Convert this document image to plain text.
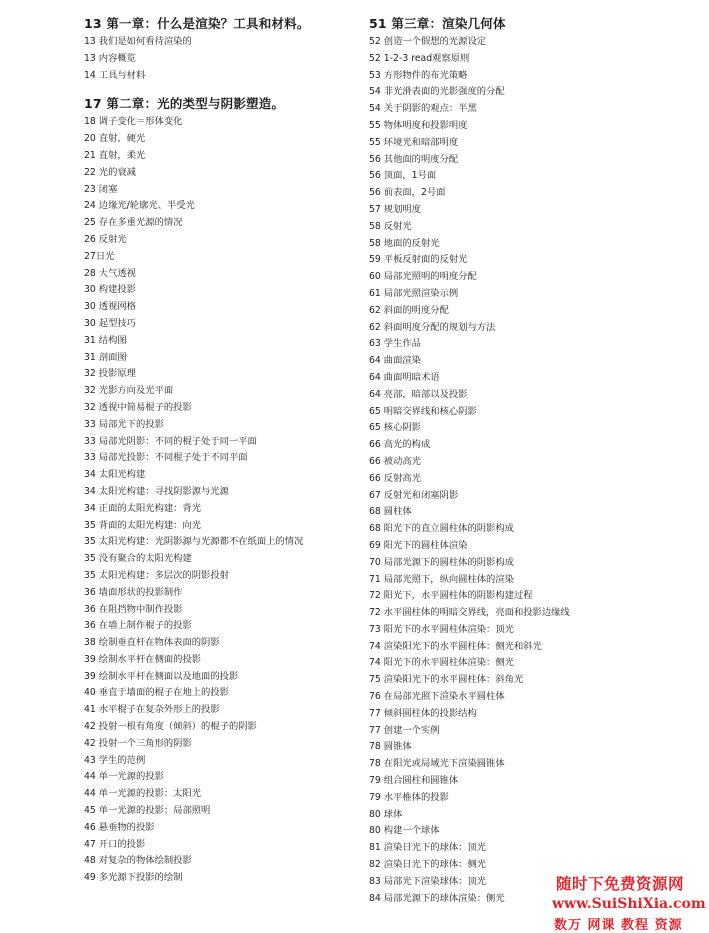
13 第一章：什么是渲染？工具和材料。
13 我们是如何看待渲染的
13 内容概览
14 工具与材料
17 第二章：光的类型与阴影塑造。
18 调子变化＝形体变化
20 直射，硬光
21 直射，柔光
22 光的衰减
23 闭塞
24 边缘光/轮廓光、半受光
25 存在多重光源的情况
26 反射光
27日光
28 大气透视
30 构建投影
30 透视网格
30 起型技巧
31 结构图
31 剖面图
32 投影原理
32 光影方向及光平面
32 透视中简易棍子的投影
33 局部光下的投影
33 局部光阴影：不同的棍子处于同一平面
33 局部光投影：不同棍子处于不同平面
34 太阳光构建
34 太阳光构建：寻找阴影源与光源
34 正面的太阳光构建：背光
35 背面的太阳光构建：向光
35 太阳光构建：光阴影源与光源都不在纸面上的情况
35 没有聚合的太阳光构建
35 太阳光构建：多层次的阴影投射
36 墙面形状的投影制作
36 在阻挡物中制作投影
36 在墙上制作棍子的投影
38 绘制垂直杆在物体表面的阴影
39 绘制水平杆在侧面的投影
39 绘制水平杆在侧面以及地面的投影
40 垂直于墙面的棍子在地上的投影
41 水平棍子在复杂外形上的投影
42 投射一根有角度（倾斜）的棍子的阴影
42 投射一个三角形的阴影
43 学生的范例
44 单一光源的投影
44 单一光源的投影：太阳光
45 单一光源的投影：局部照明
46 悬垂物的投影
47 开口的投影
48 对复杂的物体绘制投影
49 多光源下投影的绘制
51 第三章：渲染几何体
52 创造一个假想的光源设定
52 1-2-3 read观察原则
53 方形物件的布光策略
54 非光滑表面的光影强度的分配
54 关于阴影的观点：半黑
55 物体明度和投影明度
55 环境光和暗部明度
56 其他面的明度分配
56 顶面，1号面
56 前表面，2号面
57 规划明度
58 反射光
58 地面的反射光
59 平板反射面的反射光
60 局部光照明的明度分配
61 局部光照渲染示例
62 斜面的明度分配
62 斜面明度分配的规划与方法
63 学生作品
64 曲面渲染
64 曲面明暗术语
64 亮部，暗部以及投影
65 明暗交界线和核心阴影
65 核心阴影
66 高光的构成
66 被动高光
66 反射高光
67 反射光和闭塞阴影
68 圆柱体
68 阳光下的直立圆柱体的阴影构成
69 阳光下的圆柱体渲染
70 局部光源下的圆柱体的阴影构成
71 局部光照下，纵向圆柱体的渲染
72 阳光下，水平圆柱体的阴影构建过程
72 水平圆柱体的明暗交界线，亮面和投影边缘线
73 阳光下的水平圆柱体渲染：顶光
74 渲染阳光下的水平圆柱体：侧光和斜光
74 阳光下的水平圆柱体渲染：侧光
75 渲染阳光下的水平圆柱体：斜角光
76 在局部光照下渲染水平圆柱体
77 倾斜圆柱体的投影结构
77 创建一个实例
78 圆锥体
78 在阳光或局域光下渲染圆锥体
79 组合圆柱和圆锥体
79 水平椎体的投影
80 球体
80 构建一个球体
81 渲染日光下的球体：顶光
82 渲染日光下的球体：侧光
83 局部光下渲染球体：顶光
84 局部光源下的球体渲染：侧光
随时下免费资源网
www.SuiShiXia.com
数万 网课 教程 资源
